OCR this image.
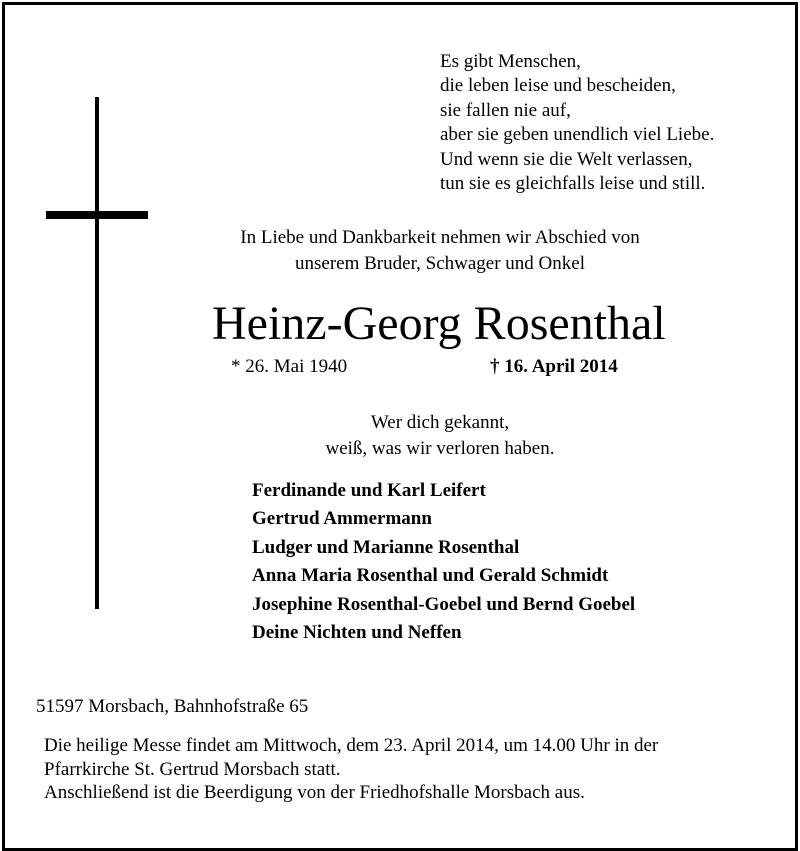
Es gibt Menschen,
die leben leise und bescheiden,
sie fallen nie auf,
aber sie geben unendlich viel Liebe.
Und wenn sie die Welt verlassen,
tun sie es gleichfalls leise und still.
In Liebe und Dankbarkeit nehmen wir Abschied von
unserem Bruder, Schwager und Onkel
Heinz-Georg Rosenthal
* 26. Mai 1940	† 16. April 2014
Wer dich gekannt,
weiß, was wir verloren haben.
Ferdinande und Karl Leifert
Gertrud Ammermann
Ludger und Marianne Rosenthal
Anna Maria Rosenthal und Gerald Schmidt
Josephine Rosenthal-Goebel und Bernd Goebel
Deine Nichten und Neffen
51597 Morsbach, Bahnhofstraße 65
Die heilige Messe findet am Mittwoch, dem 23. April 2014, um 14.00 Uhr in der
Pfarrkirche St. Gertrud Morsbach statt.
Anschließend ist die Beerdigung von der Friedhofshalle Morsbach aus.
